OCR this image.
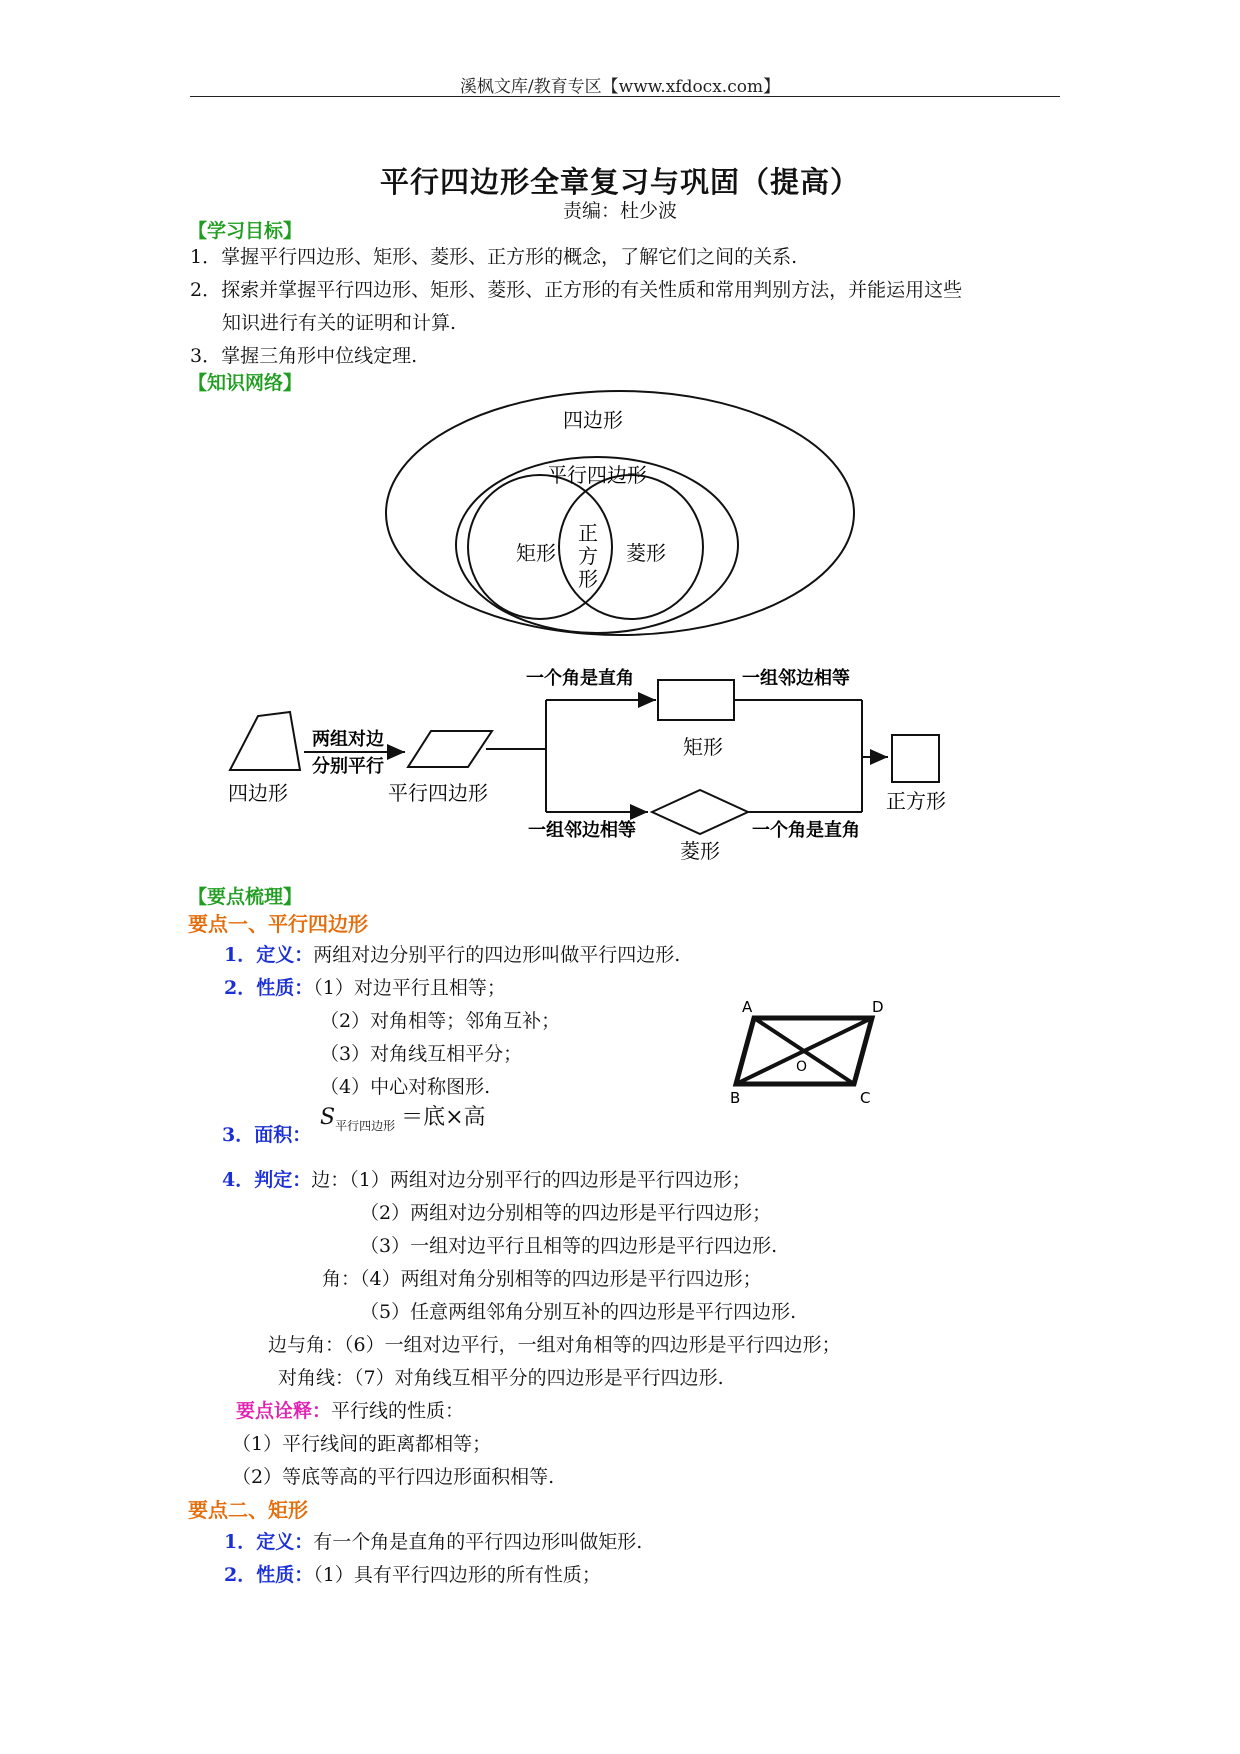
溪枫文库/教育专区【www.xfdocx.com】
平行四边形全章复习与巩固（提高）
责编：杜少波
【学习目标】
1．掌握平行四边形、矩形、菱形、正方形的概念，了解它们之间的关系.
2．探索并掌握平行四边形、矩形、菱形、正方形的有关性质和常用判别方法，并能运用这些
知识进行有关的证明和计算.
3．掌握三角形中位线定理.
【知识网络】
四边形
平行四边形
矩形	菱形
正
方
形
四边形
两组对边
分别平行
平行四边形
一个角是直角
一组邻边相等
矩形
菱形
一组邻边相等
一个角是直角
正方形
【要点梳理】
要点一、平行四边形
1．定义：两组对边分别平行的四边形叫做平行四边形.
2．性质：（1）对边平行且相等；
（2）对角相等；邻角互补；
（3）对角线互相平分；
（4）中心对称图形.
3．面积：
$S_{平行四边形}$ ＝底×高
A	D
B	C
O
4．判定：边：（1）两组对边分别平行的四边形是平行四边形；
（2）两组对边分别相等的四边形是平行四边形；
（3）一组对边平行且相等的四边形是平行四边形.
角：（4）两组对角分别相等的四边形是平行四边形；
（5）任意两组邻角分别互补的四边形是平行四边形.
边与角：（6）一组对边平行，一组对角相等的四边形是平行四边形；
对角线：（7）对角线互相平分的四边形是平行四边形.
要点诠释：平行线的性质：
（1）平行线间的距离都相等；
（2）等底等高的平行四边形面积相等.
要点二、矩形
1．定义：有一个角是直角的平行四边形叫做矩形.
2．性质：（1）具有平行四边形的所有性质；
